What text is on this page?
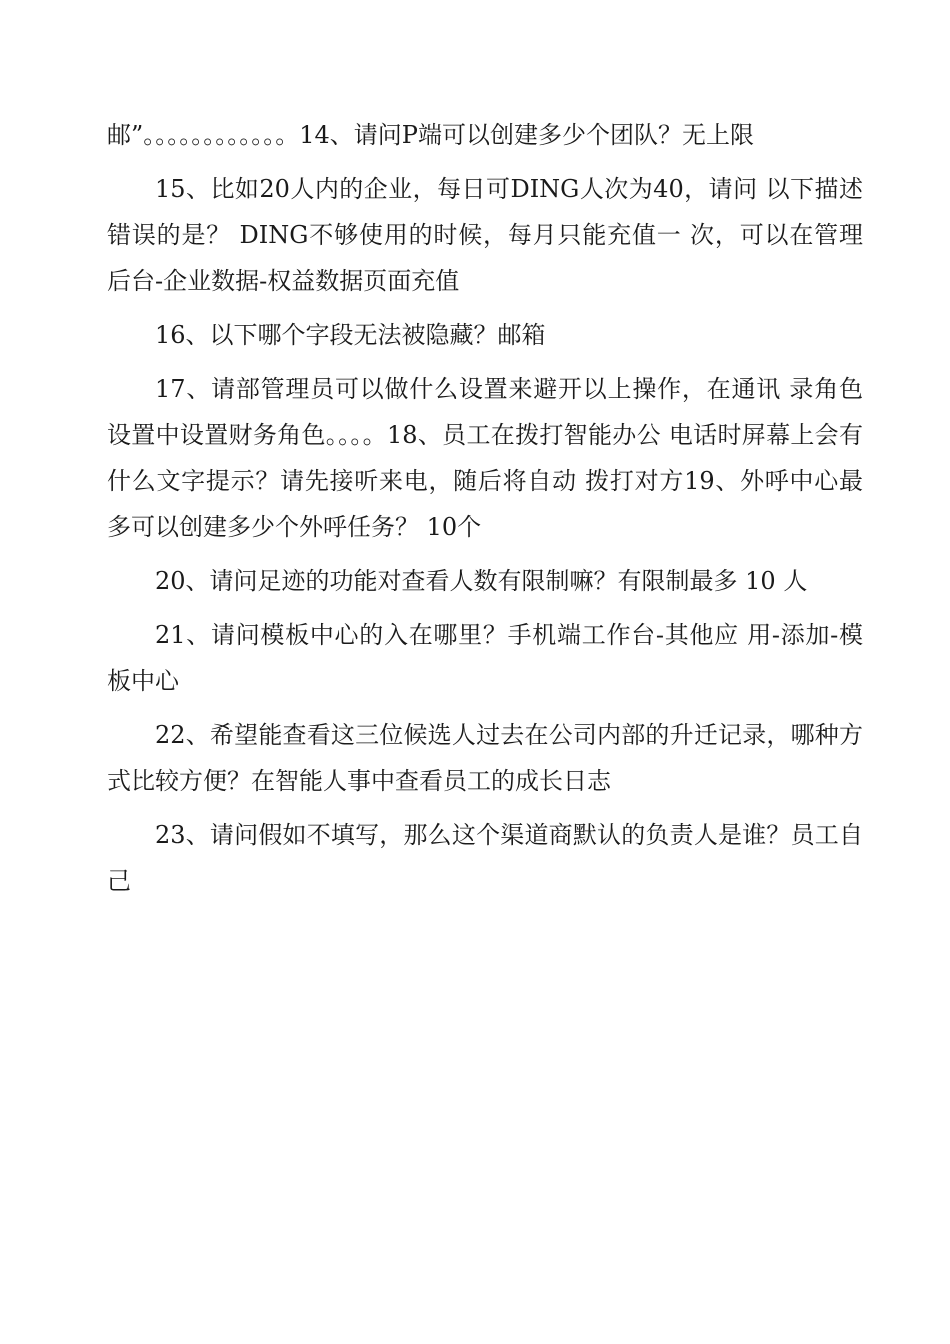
邮”。。。。。。。。。。。。14、请问P端可以创建多少个团队？无上限

15、比如20人内的企业，每日可DING人次为40，请问 以下描述错误的是？ DING不够使用的时候，每月只能充值一 次，可以在管理后台-企业数据-权益数据页面充值

16、以下哪个字段无法被隐藏？邮箱

17、请部管理员可以做什么设置来避开以上操作，在通讯 录角色设置中设置财务角色。。。。18、员工在拨打智能办公 电话时屏幕上会有什么文字提示？请先接听来电，随后将自动 拨打对方19、外呼中心最多可以创建多少个外呼任务？ 10个

20、请问足迹的功能对查看人数有限制嘛？有限制最多 10 人

21、请问模板中心的入在哪里？手机端工作台-其他应 用-添加-模板中心

22、希望能查看这三位候选人过去在公司内部的升迁记录，哪种方式比较方便？在智能人事中查看员工的成长日志

23、请问假如不填写，那么这个渠道商默认的负责人是谁？员工自己
